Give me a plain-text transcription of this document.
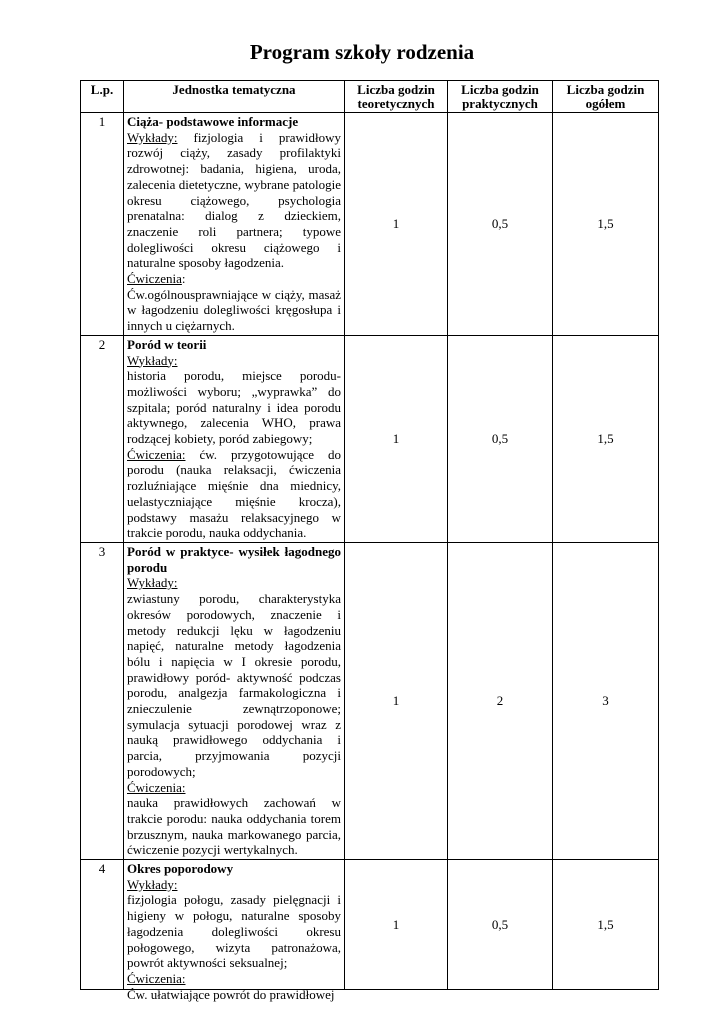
Program szkoły rodzenia
L.p.	Jednostka tematyczna	Liczba godzin teoretycznych	Liczba godzin praktycznych	Liczba godzin ogółem
1	Ciąża- podstawowe informacje
Wykłady: fizjologia i prawidłowy rozwój ciąży, zasady profilaktyki zdrowotnej: badania, higiena, uroda, zalecenia dietetyczne, wybrane patologie okresu ciążowego, psychologia prenatalna: dialog z dzieckiem, znaczenie roli partnera; typowe dolegliwości okresu ciążowego i naturalne sposoby łagodzenia.
Ćwiczenia:
Ćw.ogólnousprawniające w ciąży, masaż w łagodzeniu dolegliwości kręgosłupa i innych u ciężarnych.	1	0,5	1,5
2	Poród w teorii
Wykłady:
historia porodu, miejsce porodu- możliwości wyboru; „wyprawka” do szpitala; poród naturalny i idea porodu aktywnego, zalecenia WHO, prawa rodzącej kobiety, poród zabiegowy;
Ćwiczenia: ćw. przygotowujące do porodu (nauka relaksacji, ćwiczenia rozluźniające mięśnie dna miednicy, uelastyczniające mięśnie krocza), podstawy masażu relaksacyjnego w trakcie porodu, nauka oddychania.	1	0,5	1,5
3	Poród w praktyce- wysiłek łagodnego porodu
Wykłady:
zwiastuny porodu, charakterystyka okresów porodowych, znaczenie i metody redukcji lęku w łagodzeniu napięć, naturalne metody łagodzenia bólu i napięcia w I okresie porodu, prawidłowy poród- aktywność podczas porodu, analgezja farmakologiczna i znieczulenie zewnątrzoponowe; symulacja sytuacji porodowej wraz z nauką prawidłowego oddychania i parcia, przyjmowania pozycji porodowych;
Ćwiczenia:
nauka prawidłowych zachowań w trakcie porodu: nauka oddychania torem brzusznym, nauka markowanego parcia, ćwiczenie pozycji wertykalnych.	1	2	3
4	Okres poporodowy
Wykłady:
fizjologia połogu, zasady pielęgnacji i higieny w połogu, naturalne sposoby łagodzenia dolegliwości okresu połogowego, wizyta patronażowa, powrót aktywności seksualnej;
Ćwiczenia:
Ćw. ułatwiające powrót do prawidłowej	1	0,5	1,5
